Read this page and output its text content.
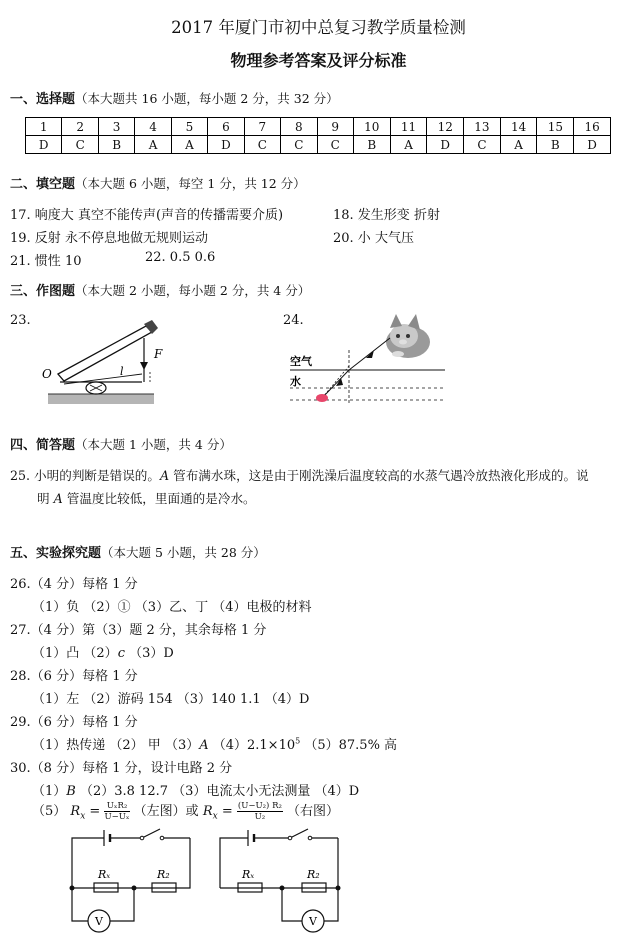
2017 年厦门市初中总复习教学质量检测
物理参考答案及评分标准
一、选择题（本大题共 16 小题，每小题 2 分，共 32 分）
1	2	3	4	5	6	7	8	9	10	11	12	13	14	15	16
D	C	B	A	A	D	C	C	C	B	A	D	C	A	B	D
二、填空题（本大题 6 小题，每空 1 分，共 12 分）
17. 响度大 真空不能传声(声音的传播需要介质)	18. 发生形变 折射
19. 反射 永不停息地做无规则运动	20. 小 大气压
21. 惯性 10	22. 0.5 0.6
三、作图题（本大题 2 小题，每小题 2 分，共 4 分）
23.	24.
O
F
l
空气
水
四、简答题（本大题 1 小题，共 4 分）
25. 小明的判断是错误的。A 管布满水珠，这是由于刚洗澡后温度较高的水蒸气遇冷放热液化形成的。说
明 A 管温度比较低，里面通的是冷水。
五、实验探究题（本大题 5 小题，共 28 分）
26.（4 分）每格 1 分
（1）负 （2）① （3）乙、丁 （4）电极的材料
27.（4 分）第（3）题 2 分，其余每格 1 分
（1）凸 （2）c （3）D
28.（6 分）每格 1 分
（1）左 （2）游码 154 （3）140 1.1 （4）D
29.（6 分）每格 1 分
（1）热传递 （2） 甲 （3）A $(4)2.1\times 10^5$ （5）87.5% 高
30.（8 分）每格 1 分，设计电路 2 分
（1）B （2）3.8 12.7 （3）电流太小无法测量 （4）D
（5） $R_x = \frac{\text{UₓR₂}}{\text{U−Uₓ}}$ （左图）或 $R_x = \frac{\text{(U−U₂) R₂}}{\text{U₂}}$ （右图）
Rₓ	R₂
V
Rₓ	R₂
V
